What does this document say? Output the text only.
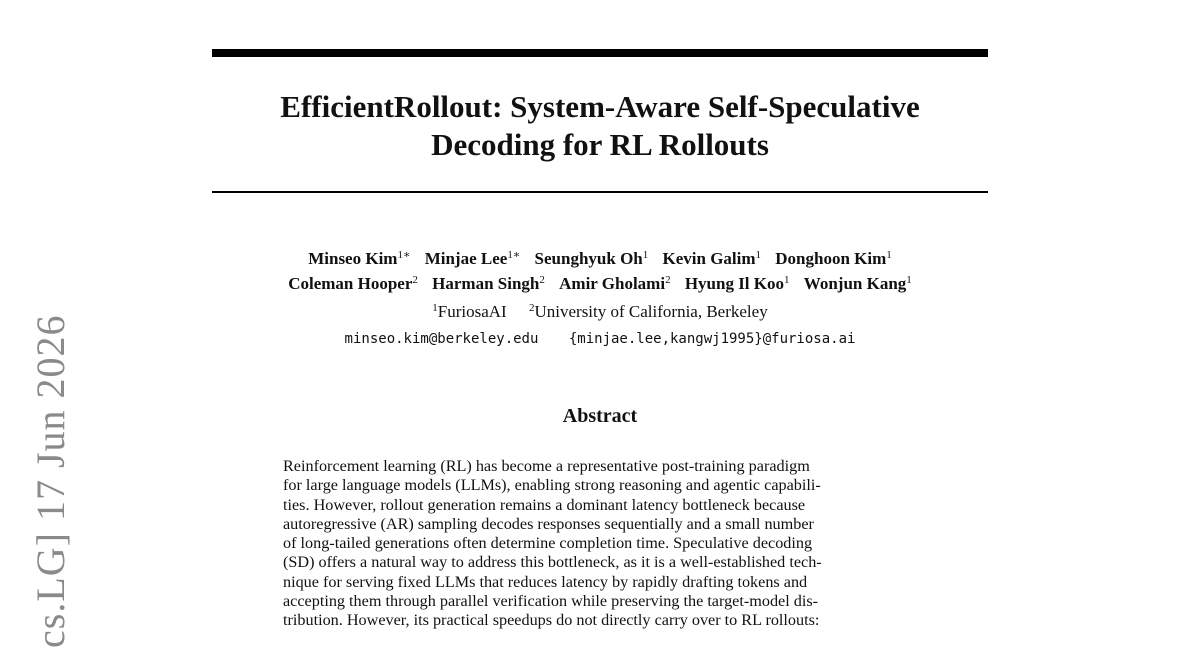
EfficientRollout: System-Aware Self-Speculative
Decoding for RL Rollouts
Minseo Kim$^{1∗}$ Minjae Lee$^{1∗}$ Seunghyuk Oh$^1$ Kevin Galim$^1$ Donghoon Kim$^1$
Coleman Hooper$^2$ Harman Singh$^2$ Amir Gholami$^2$ Hyung Il Koo$^1$ Wonjun Kang$^1$
$^1$FuriosaAI $^2$University of California, Berkeley
minseo.kim@berkeley.edu {minjae.lee,kangwj1995}@furiosa.ai
Abstract
Reinforcement learning (RL) has become a representative post-training paradigm
for large language models (LLMs), enabling strong reasoning and agentic capabili-
ties. However, rollout generation remains a dominant latency bottleneck because
autoregressive (AR) sampling decodes responses sequentially and a small number
of long-tailed generations often determine completion time. Speculative decoding
(SD) offers a natural way to address this bottleneck, as it is a well-established tech-
nique for serving fixed LLMs that reduces latency by rapidly drafting tokens and
accepting them through parallel verification while preserving the target-model dis-
tribution. However, its practical speedups do not directly carry over to RL rollouts:
cs.LG] 17 Jun 2026
